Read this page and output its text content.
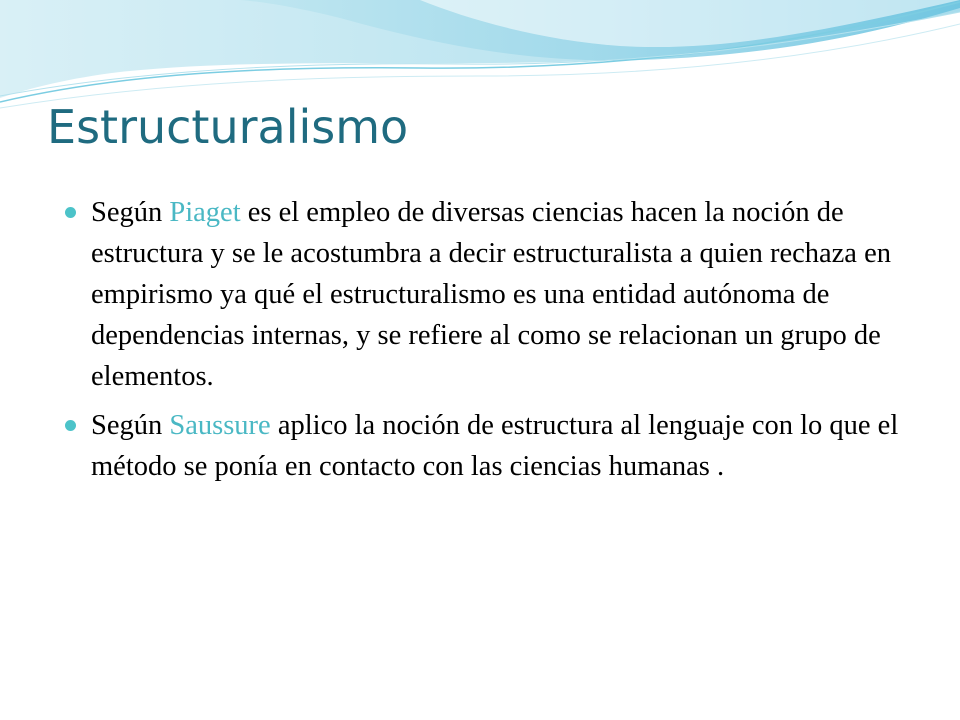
Estructuralismo

Según Piaget es el empleo de diversas ciencias hacen la noción de estructura y se le acostumbra a decir estructuralista a quien rechaza en empirismo ya qué el estructuralismo es una entidad autónoma de dependencias internas, y se refiere al como se relacionan un grupo de elementos.

Según Saussure aplico la noción de estructura al lenguaje con lo que el método se ponía en contacto con las ciencias humanas .
